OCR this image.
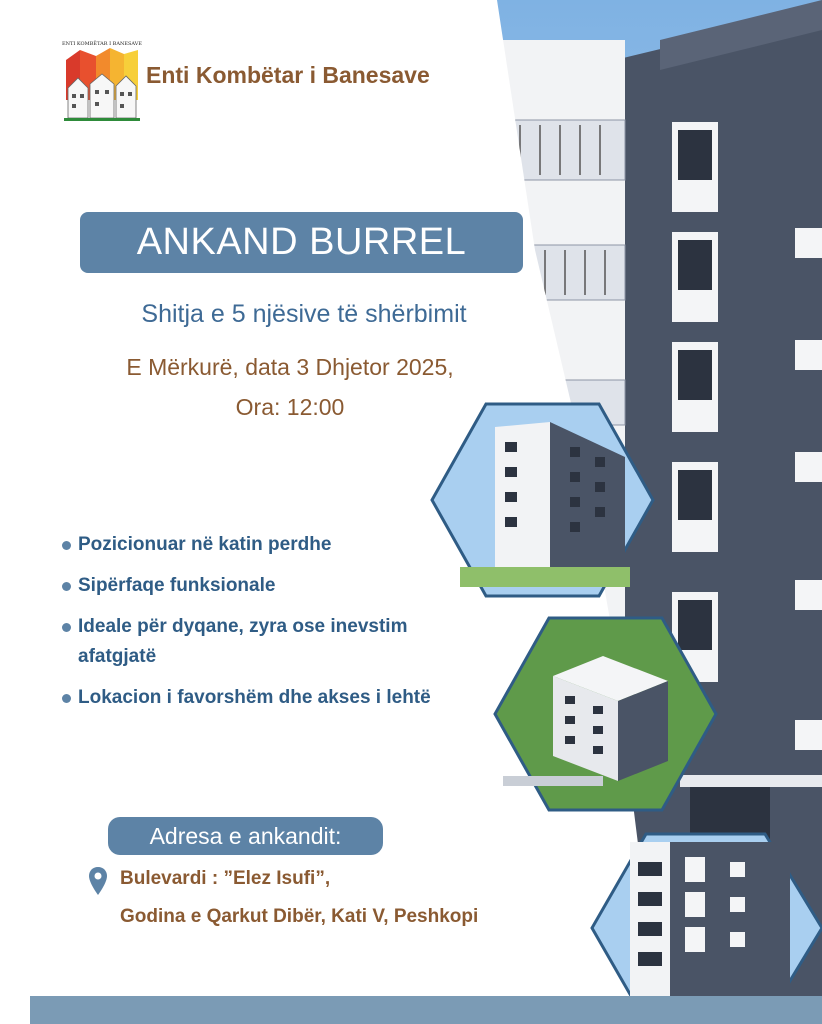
ENTI KOMBËTAR I BANESAVE
Enti Kombëtar i Banesave
ANKAND BURREL
Shitja e 5 njësive të shërbimit
E Mërkurë, data 3 Dhjetor 2025,
Ora: 12:00
Pozicionuar në katin perdhe
Sipërfaqe funksionale
Ideale për dyqane, zyra ose inevstim afatgjatë
Lokacion i favorshëm dhe akses i lehtë
Adresa e ankandit:
Bulevardi : ”Elez Isufi”,
Godina e Qarkut Dibër, Kati V, Peshkopi
